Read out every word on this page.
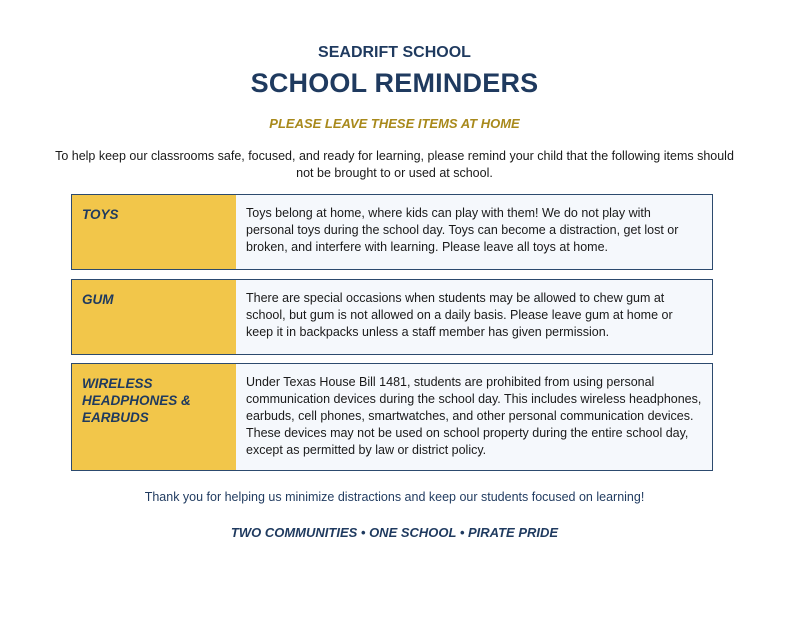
SEADRIFT SCHOOL
SCHOOL REMINDERS
PLEASE LEAVE THESE ITEMS AT HOME
To help keep our classrooms safe, focused, and ready for learning, please remind your child that the following items should not be brought to or used at school.
TOYS	Toys belong at home, where kids can play with them! We do not play with personal toys during the school day. Toys can become a distraction, get lost or broken, and interfere with learning. Please leave all toys at home.
GUM	There are special occasions when students may be allowed to chew gum at school, but gum is not allowed on a daily basis. Please leave gum at home or keep it in backpacks unless a staff member has given permission.
WIRELESS HEADPHONES & EARBUDS
Under Texas House Bill 1481, students are prohibited from using personal communication devices during the school day. This includes wireless headphones, earbuds, cell phones, smartwatches, and other personal communication devices. These devices may not be used on school property during the entire school day, except as permitted by law or district policy.
Thank you for helping us minimize distractions and keep our students focused on learning!
TWO COMMUNITIES • ONE SCHOOL • PIRATE PRIDE
